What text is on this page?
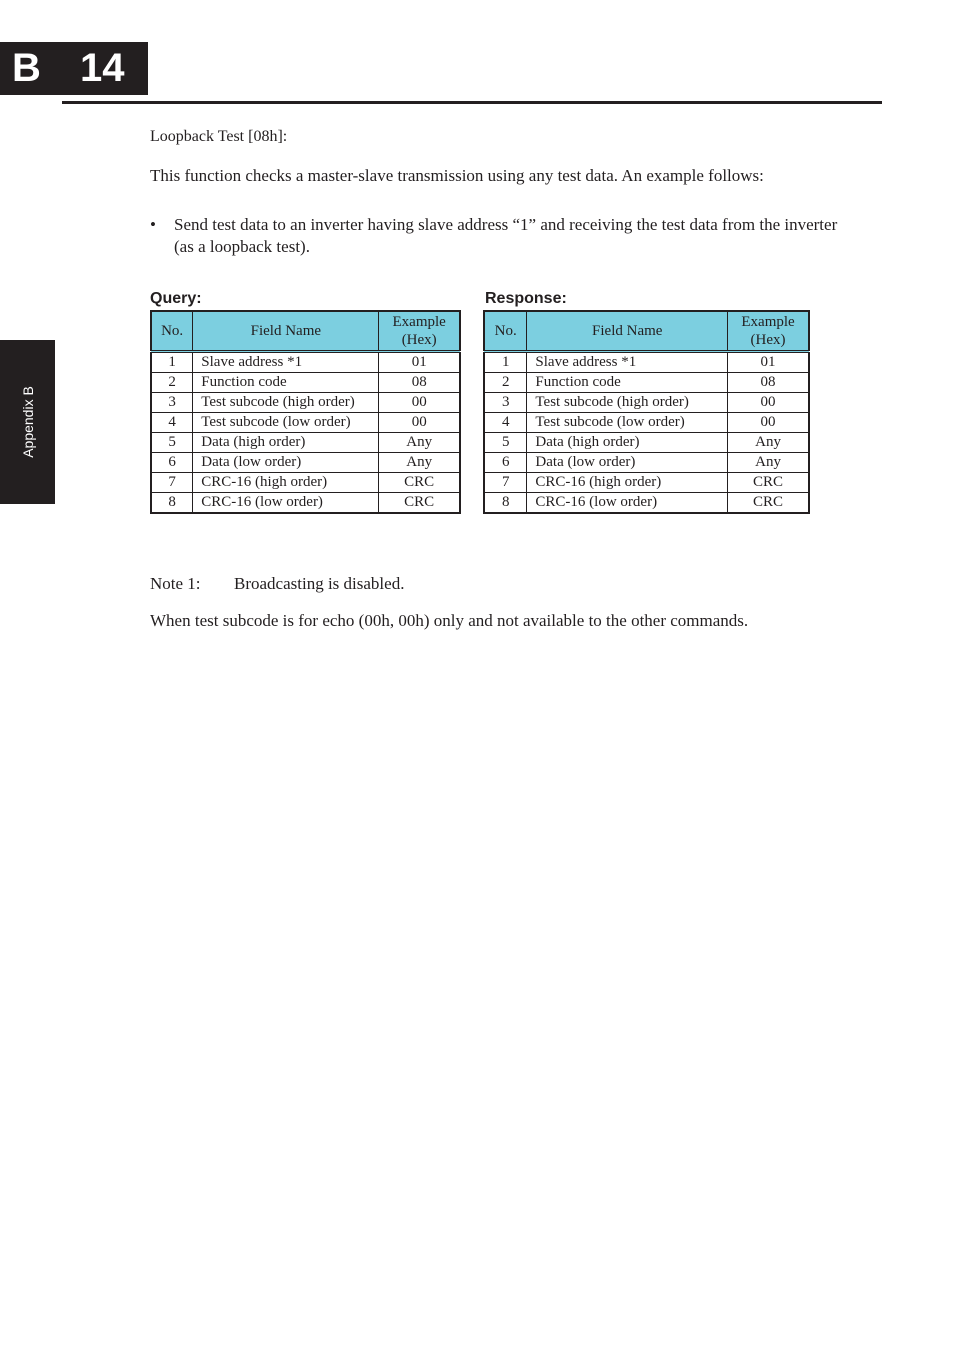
B 14
Appendix B
Loopback Test [08h]:

This function checks a master-slave transmission using any test data. An example follows:

• Send test data to an inverter having slave address “1” and receiving the test data from the inverter (as a loopback test).
Query:
No.	Field Name	Example (Hex)
1	Slave address *1	01
2	Function code	08
3	Test subcode (high order)	00
4	Test subcode (low order)	00
5	Data (high order)	Any
6	Data (low order)	Any
7	CRC-16 (high order)	CRC
8	CRC-16 (low order)	CRC
Response:
No.	Field Name	Example (Hex)
1	Slave address *1	01
2	Function code	08
3	Test subcode (high order)	00
4	Test subcode (low order)	00
5	Data (high order)	Any
6	Data (low order)	Any
7	CRC-16 (high order)	CRC
8	CRC-16 (low order)	CRC
Note 1: Broadcasting is disabled.
When test subcode is for echo (00h, 00h) only and not available to the other commands.
